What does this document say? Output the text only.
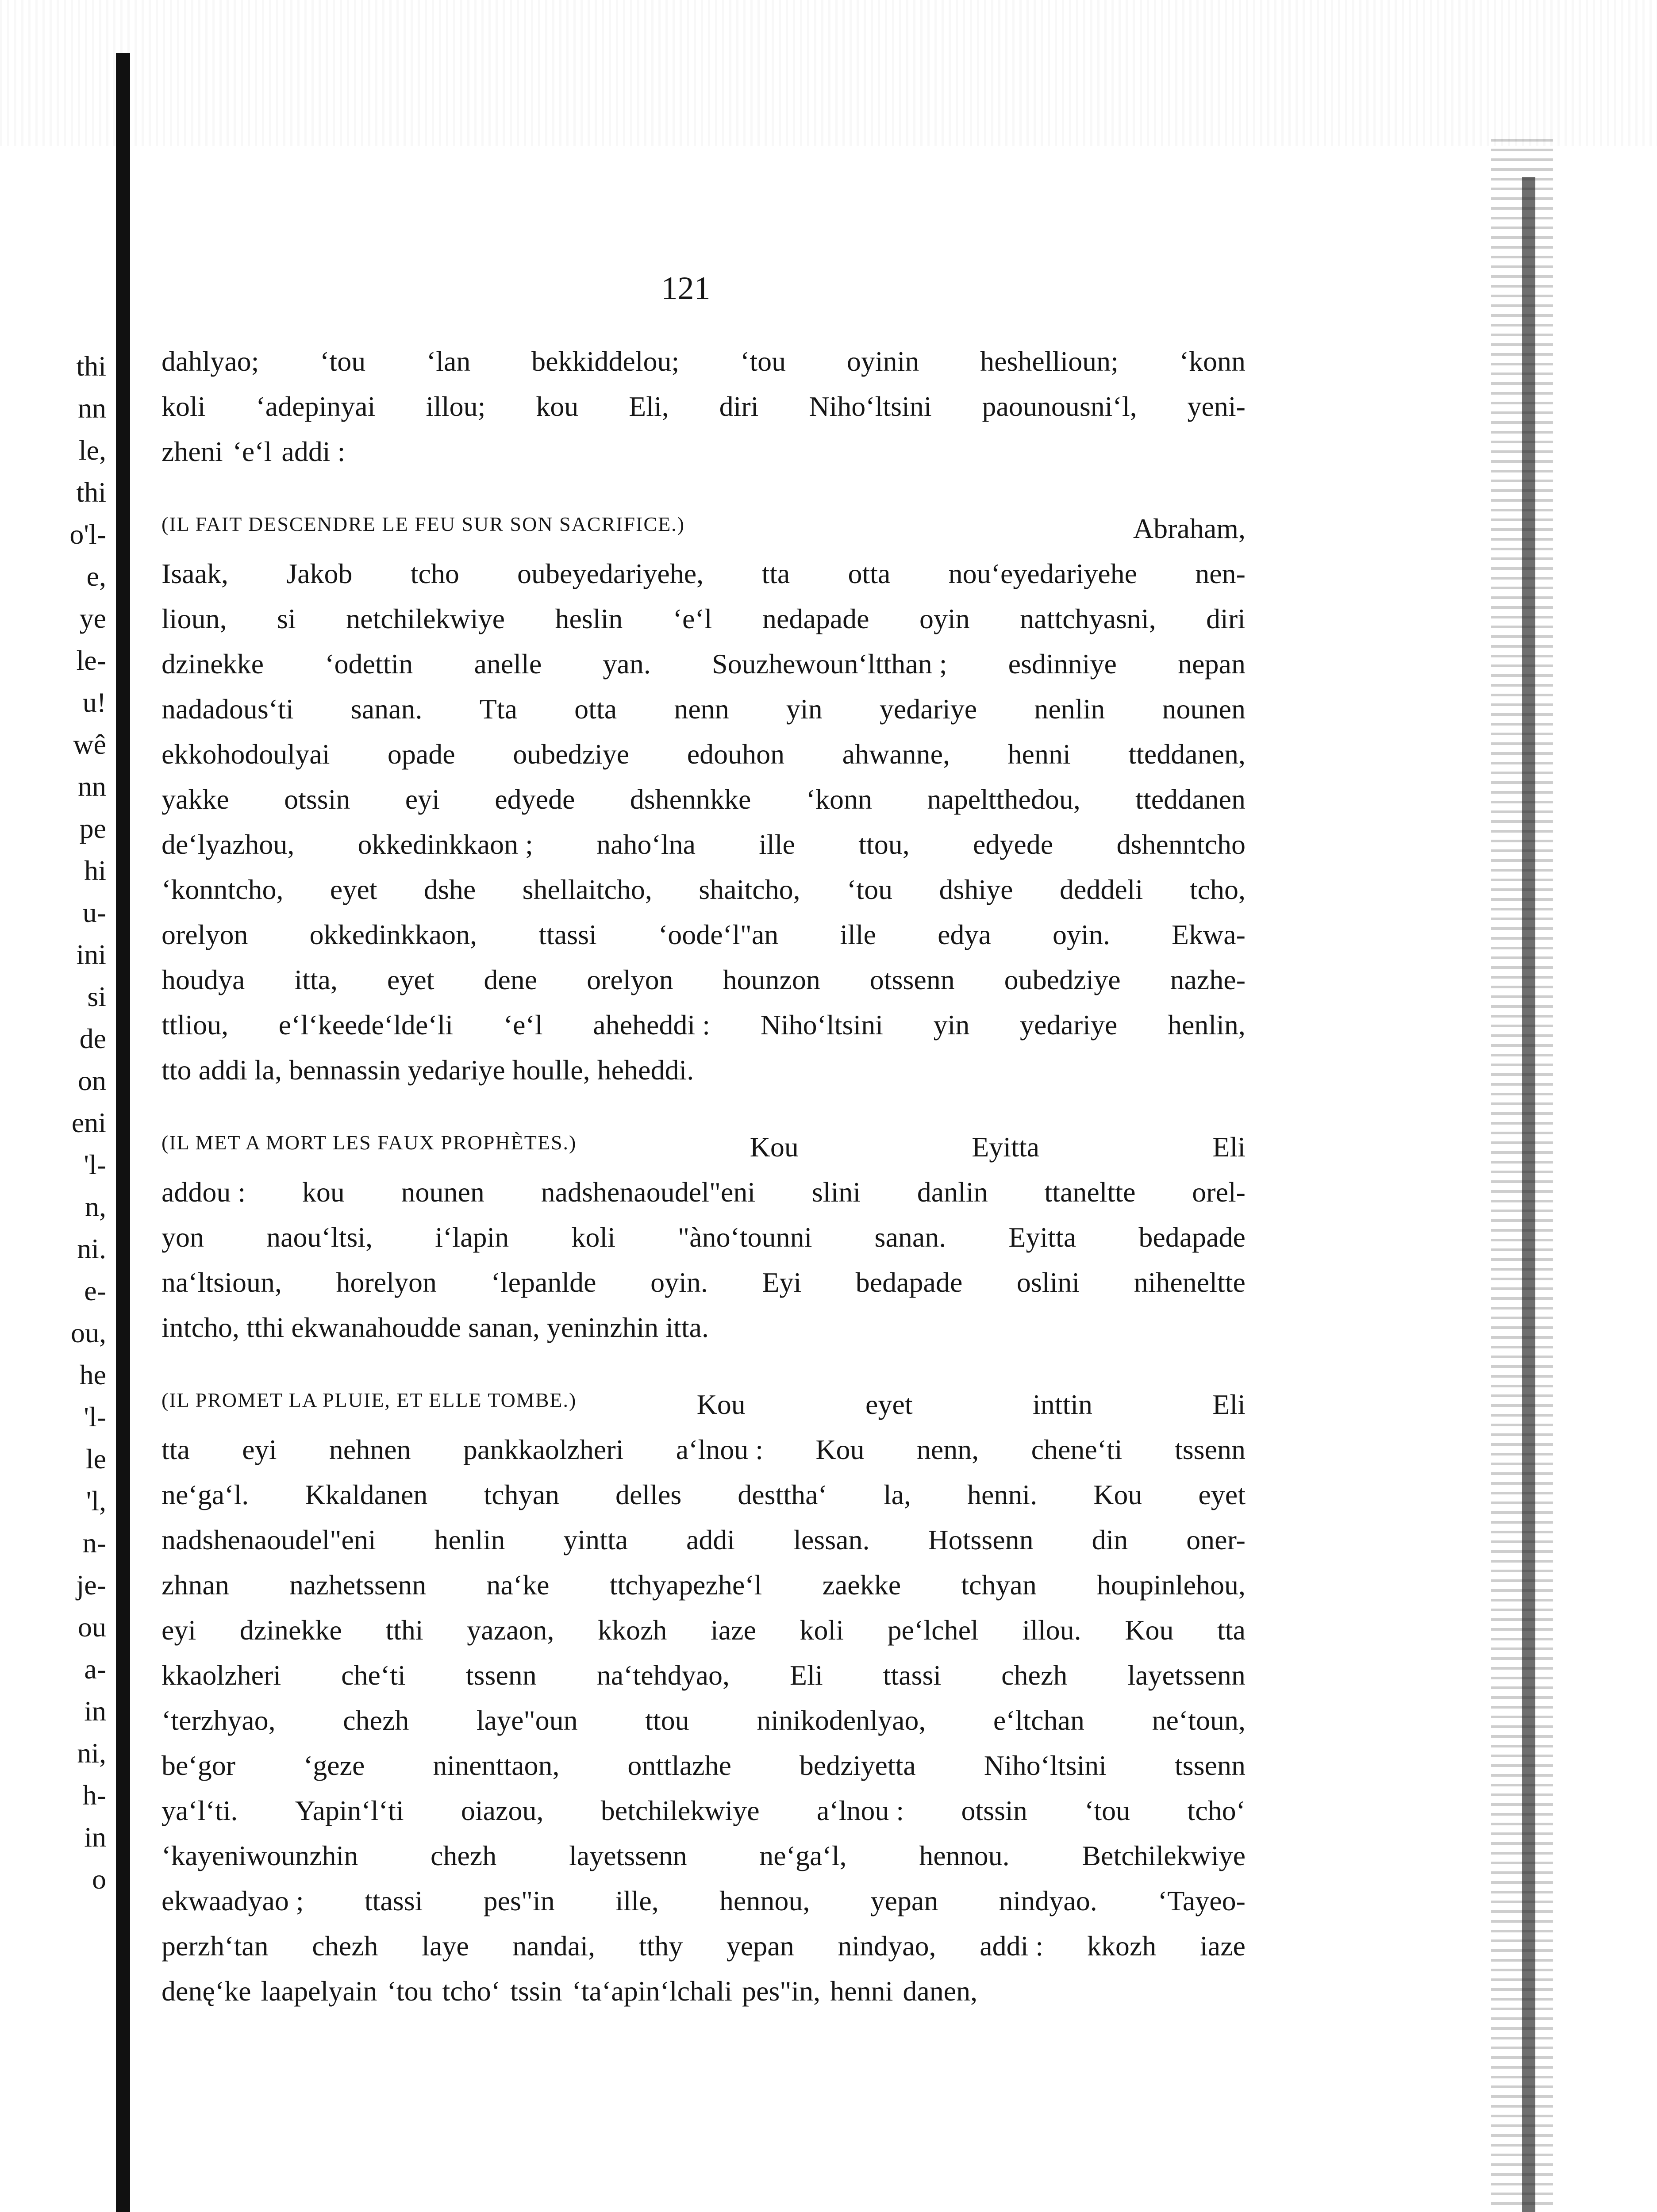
thi
nn
le,
thi
o'l-
e,
ye
le-
u!
wê
nn
pe
hi
u-
ini
si
de
on
eni
'l-
n,
ni.
e-
ou,
he
'l-
le
'l,
n-
je-
ou
a-
in
ni,
h-
in
o
121
dahlyao; ‘tou ‘lan bekkiddelou; ‘tou oyinin heshellioun; ‘konn
koli ‘adepinyai illou; kou Eli, diri Niho‘ltsini paounousni‘l, yeni-
zheni ‘e‘l addi :
(IL FAIT DESCENDRE LE FEU SUR SON SACRIFICE.)	Abraham,
Isaak, Jakob tcho oubeyedariyehe, tta otta nou‘eyedariyehe nen-
lioun, si netchilekwiye heslin ‘e‘l nedapade oyin nattchyasni, diri
dzinekke ‘odettin anelle yan. Souzhewoun‘ltthan ; esdinniye nepan
nadadous‘ti sanan. Tta otta nenn yin yedariye nenlin nounen
ekkohodoulyai opade oubedziye edouhon ahwanne, henni tteddanen,
yakke otssin eyi edyede dshennkke ‘konn napeltthedou, tteddanen
de‘lyazhou, okkedinkkaon ; naho‘lna ille ttou, edyede dshenntcho
‘konntcho, eyet dshe shellaitcho, shaitcho, ‘tou dshiye deddeli tcho,
orelyon okkedinkkaon, ttassi ‘oode‘l"an ille edya oyin. Ekwa-
houdya itta, eyet dene orelyon hounzon otssenn oubedziye nazhe-
ttliou, e‘l‘keede‘lde‘li ‘e‘l aheheddi : Niho‘ltsini yin yedariye henlin,
tto addi la, bennassin yedariye houlle, heheddi.
(IL MET A MORT LES FAUX PROPHÈTES.)	Kou	Eyitta	Eli
addou : kou nounen nadshenaoudel"eni slini danlin ttaneltte orel-
yon naou‘ltsi, i‘lapin koli "àno‘tounni sanan. Eyitta bedapade
na‘ltsioun, horelyon ‘lepanlde oyin. Eyi bedapade oslini niheneltte
intcho, tthi ekwanahoudde sanan, yeninzhin itta.
(IL PROMET LA PLUIE, ET ELLE TOMBE.)	Kou	eyet	inttin	Eli
tta eyi nehnen pankkaolzheri a‘lnou : Kou nenn, chene‘ti tssenn
ne‘ga‘l. Kkaldanen tchyan delles desttha‘ la, henni. Kou eyet
nadshenaoudel"eni henlin yintta addi lessan. Hotssenn din oner-
zhnan nazhetssenn na‘ke ttchyapezhe‘l zaekke tchyan houpinlehou,
eyi dzinekke tthi yazaon, kkozh iaze koli pe‘lchel illou. Kou tta
kkaolzheri che‘ti tssenn na‘tehdyao, Eli ttassi chezh layetssenn
‘terzhyao, chezh laye"oun ttou ninikodenlyao, e‘ltchan ne‘toun,
be‘gor ‘geze ninenttaon, onttlazhe bedziyetta Niho‘ltsini tssenn
ya‘l‘ti. Yapin‘l‘ti oiazou, betchilekwiye a‘lnou : otssin ‘tou tcho‘
‘kayeniwounzhin	chezh	layetssenn	ne‘ga‘l,	hennou.	Betchilekwiye
ekwaadyao ; ttassi pes"in ille, hennou, yepan nindyao. ‘Tayeo-
perzh‘tan chezh laye nandai, tthy yepan nindyao, addi : kkozh iaze
denę‘ke laapelyain ‘tou tcho‘ tssin ‘ta‘apin‘lchali pes"in, henni danen,
